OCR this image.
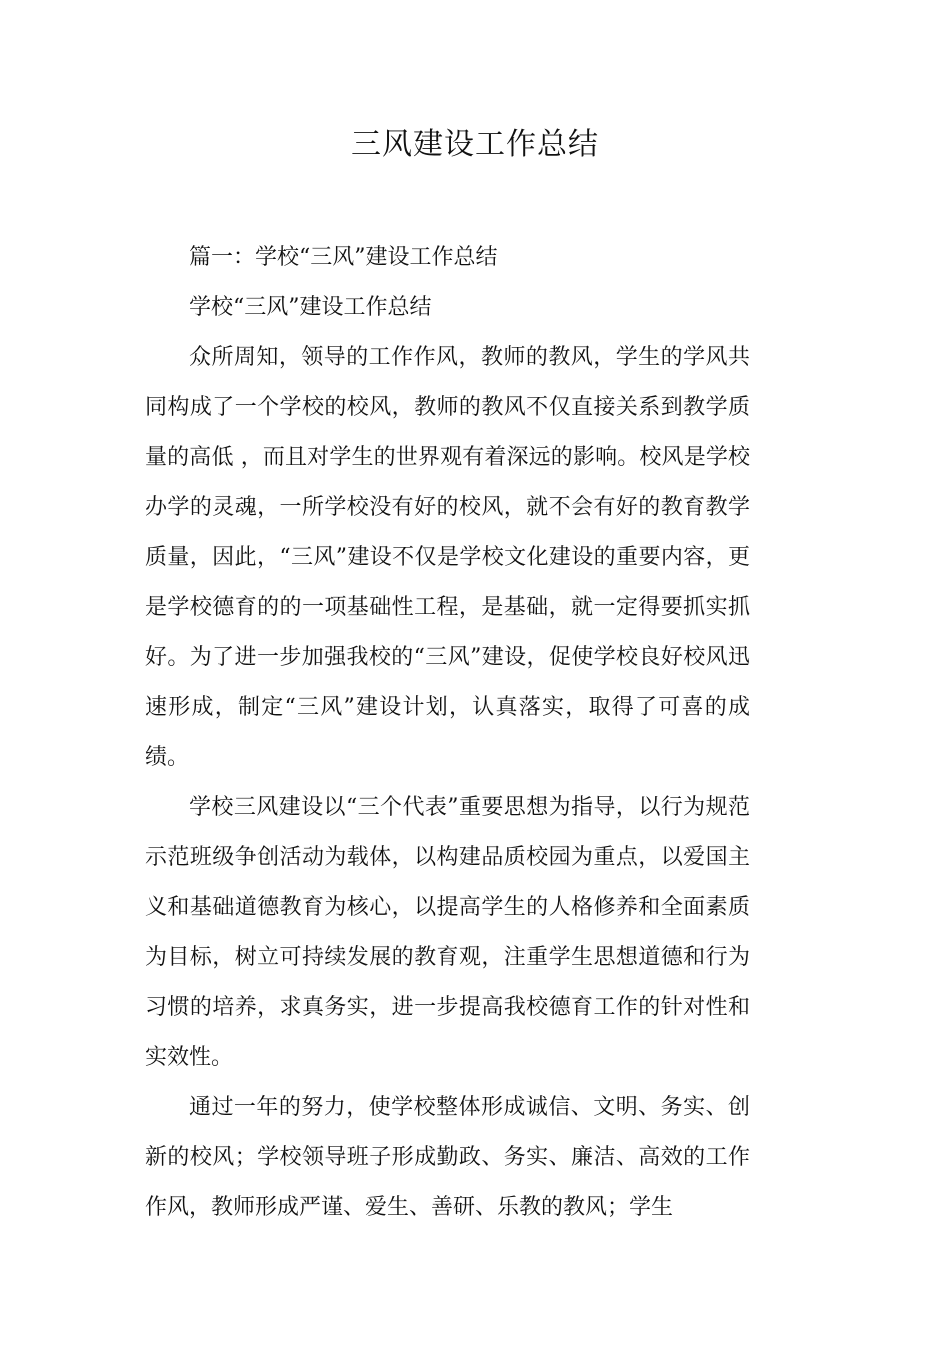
三风建设工作总结

篇一：学校“三风”建设工作总结

学校“三风”建设工作总结

众所周知，领导的工作作风，教师的教风，学生的学风共同构成了一个学校的校风，教师的教风不仅直接关系到教学质量的高低 ，而且对学生的世界观有着深远的影响。校风是学校办学的灵魂，一所学校没有好的校风，就不会有好的教育教学质量，因此，“三风”建设不仅是学校文化建设的重要内容，更是学校德育的的一项基础性工程，是基础，就一定得要抓实抓好。为了进一步加强我校的“三风”建设，促使学校良好校风迅速形成，制定“三风”建设计划，认真落实，取得了可喜的成绩。

学校三风建设以“三个代表”重要思想为指导，以行为规范示范班级争创活动为载体，以构建品质校园为重点，以爱国主义和基础道德教育为核心，以提高学生的人格修养和全面素质为目标，树立可持续发展的教育观，注重学生思想道德和行为习惯的培养，求真务实，进一步提高我校德育工作的针对性和实效性。

通过一年的努力，使学校整体形成诚信、文明、务实、创新的校风；学校领导班子形成勤政、务实、廉洁、高效的工作作风，教师形成严谨、爱生、善研、乐教的教风；学生
